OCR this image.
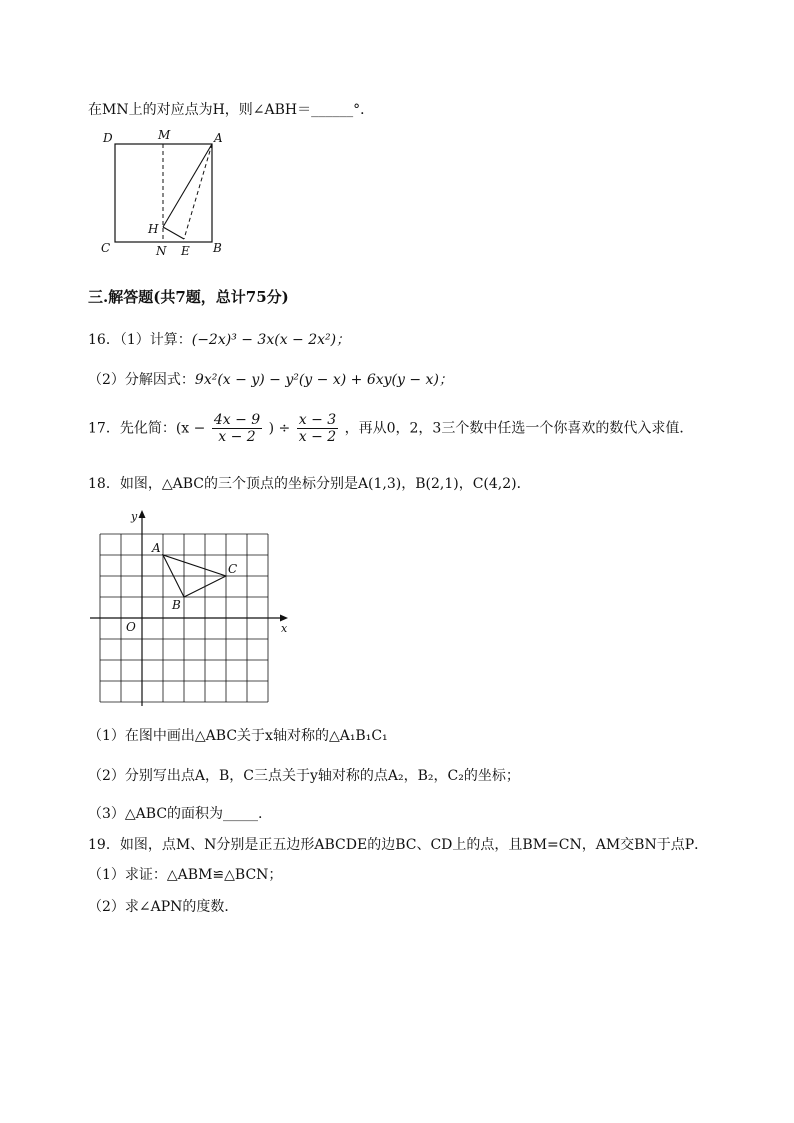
在MN上的对应点为H，则∠ABH＝______°．
D	M	A
H
C	N E B
三.解答题(共7题，总计75分)
16．（1）计算：(−2x)³ − 3x(x − 2x²)；
（2）分解因式：9x²(x − y) − y²(y − x) + 6xy(y − x)；
17．先化简：($x - \frac{4x - 9}{x - 2}$ ) ÷ $\frac{x - 3}{x - 2}$ ，再从0，2，3三个数中任选一个你喜欢的数代入求值．
18．如图，△ABC的三个顶点的坐标分别是A(1,3)，B(2,1)，C(4,2)．
y
x
O
A
B
C
（1）在图中画出△ABC关于x轴对称的△A₁B₁C₁
（2）分别写出点A，B，C三点关于y轴对称的点A₂，B₂，C₂的坐标；
（3）△ABC的面积为_____.
19．如图，点M、N分别是正五边形ABCDE的边BC、CD上的点，且BM=CN，AM交BN于点P．
（1）求证：△ABM≌△BCN；
（2）求∠APN的度数．
